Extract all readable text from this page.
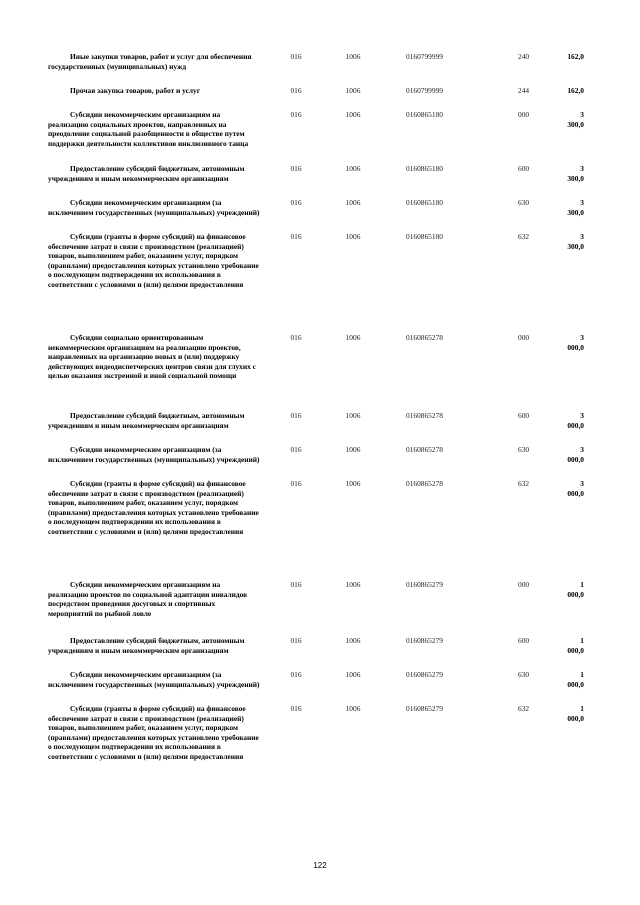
Иные закупки товаров, работ и услуг для обеспечения государственных (муниципальных) нужд	016	1006	0160799999	240	162,0
Прочая закупка товаров, работ и услуг	016	1006	0160799999	244	162,0
Субсидии некоммерческим организациям на реализацию социальных проектов, направленных на преодоление социальной разобщенности в обществе путем поддержки деятельности коллективов инклюзивного танца	016	1006	0160865180	000	3 300,0
Предоставление субсидий бюджетным, автономным учреждениям и иным некоммерческим организациям	016	1006	0160865180	600	3 300,0
Субсидии некоммерческим организациям (за исключением государственных (муниципальных) учреждений)	016	1006	0160865180	630	3 300,0
Субсидии (гранты в форме субсидий) на финансовое обеспечение затрат в связи с производством (реализацией) товаров, выполнением работ, оказанием услуг, порядком (правилами) предоставления которых установлено требование о последующем подтверждении их использования в соответствии с условиями и (или) целями предоставления	016	1006	0160865180	632	3 300,0
Субсидии социально ориентированным некоммерческим организациям на реализацию проектов, направленных на организацию новых и (или) поддержку действующих видеодиспетчерских центров связи для глухих с целью оказания экстренной и иной социальной помощи	016	1006	0160865278	000	3 000,0
Предоставление субсидий бюджетным, автономным учреждениям и иным некоммерческим организациям	016	1006	0160865278	600	3 000,0
Субсидии некоммерческим организациям (за исключением государственных (муниципальных) учреждений)	016	1006	0160865278	630	3 000,0
Субсидии (гранты в форме субсидий) на финансовое обеспечение затрат в связи с производством (реализацией) товаров, выполнением работ, оказанием услуг, порядком (правилами) предоставления которых установлено требование о последующем подтверждении их использования в соответствии с условиями и (или) целями предоставления	016	1006	0160865278	632	3 000,0
Субсидии некоммерческим организациям на реализацию проектов по социальной адаптации инвалидов посредством проведения досуговых и спортивных мероприятий по рыбной ловле	016	1006	0160865279	000	1 000,0
Предоставление субсидий бюджетным, автономным учреждениям и иным некоммерческим организациям	016	1006	0160865279	600	1 000,0
Субсидии некоммерческим организациям (за исключением государственных (муниципальных) учреждений)	016	1006	0160865279	630	1 000,0
Субсидии (гранты в форме субсидий) на финансовое обеспечение затрат в связи с производством (реализацией) товаров, выполнением работ, оказанием услуг, порядком (правилами) предоставления которых установлено требование о последующем подтверждении их использования в соответствии с условиями и (или) целями предоставления	016	1006	0160865279	632	1 000,0
122
